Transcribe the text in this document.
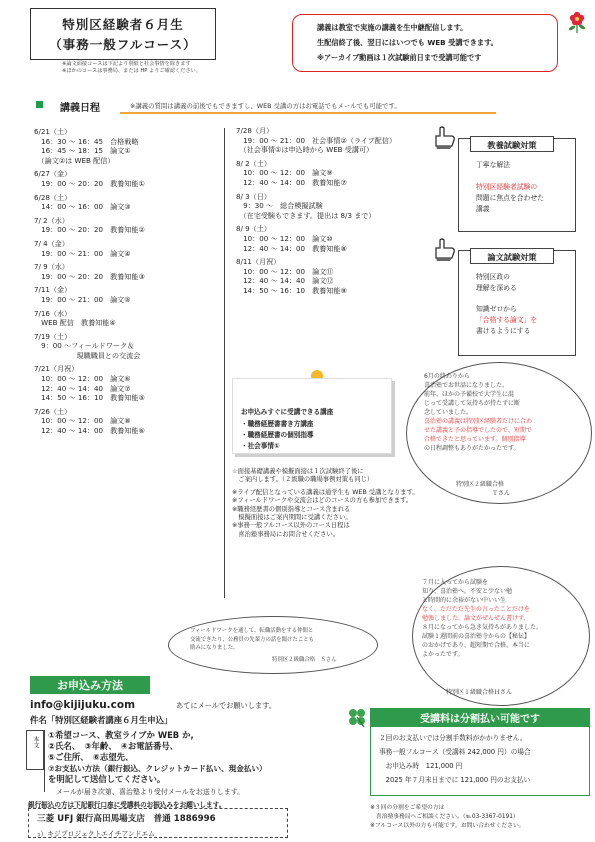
特別区経験者６月生
（事務一般フルコース）
※論文面接コースは下記より別紙と社会事情を除きます
※ほかのコースは事務局、または HP よりご確認ください。
講義は教室で実施の講義を生中継配信します。
生配信終了後、翌日にはいつでも WEB 受講できます。
※アーカイブ動画は１次試験前日まで受講可能です
講義日程	※講義の質問は講義の前後でもできますし、WEB 受講の方はお電話でもメールでも可能です。
6/21（土）
　16：30 ～ 16：45　合格戦略
　16：45 ～ 18：15　論文①
　（論文②は WEB 配信）

6/27（金）
　19：00 ～ 20：20　教養知能①

6/28（土）
　14：00 ～ 16：00　論文③

7/ 2（水）
　19：00 ～ 20：20　教養知能②

7/ 4（金）
　19：00 ～ 21：00　論文④

7/ 9（水）
　19：00 ～ 20：20　教養知能③

7/11（金）
　19：00 ～ 21：00　論文⑤

7/16（水）
　WEB 配信　教養知能④

7/19（土）
　9：00 ～フィールドワーク＆
　　　　　　現職職員との交流会

7/21（月祝）
　10：00 ～ 12：00　論文⑥
　12：40 ～ 14：40　論文⑦
　14：50 ～ 16：10　教養知能⑤

7/26（土）
　10：00 ～ 12：00　論文⑧
　12：40 ～ 14：00　教養知能⑥
7/28（月）
　19：00 ～ 21：00　社会事情②（ライブ配信）
　（社会事情①は申込時から WEB 受講可）

8/ 2（土）
　10：00 ～ 12：00　論文⑨
　12：40 ～ 14：00　教養知能⑦

8/ 3（日）
　9：30 ～　総合模擬試験
　（在宅受験もできます。提出は 8/3 まで）

8/ 9（土）
　10：00 ～ 12：00　論文⑩
　12：40 ～ 14：00　教養知能⑧

8/11（月祝）
　10：00 ～ 12：00　論文⑪
　12：40 ～ 14：40　論文⑫
　14：50 ～ 16：10　教養知能⑨
教養試験対策
丁寧な解法
特別区経験者試験の
問題に焦点を合わせた
講義
論文試験対策
特別区政の
理解を深める
知識ゼロから
「合格する論文」を
書けるようにする
お申込みすぐに受講できる講座
・職務経歴書書き方講座
・職務経歴書の個別指導
・社会事情①
☆面接基礎講義や模擬面接は１次試験終了後に
　ご案内します。（２級職の職場事例対策も同じ）

※ライブ配信となっている講義は通学生も WEB 受講となります。
※フィールドワークや交流会はどのコースの方も参加できます。
※職務経歴書の個別指導とコース含まれる
　模擬面接はご案内期間に受講ください。
※事務一般フルコース以外のコース日程は
　喜治塾事務局にお問合せください。
6月の終わりから
喜治塾でお世話になりました。
前年、ほかの予備校で大学生に混
じって受講して気持ちが持たずに断
念していました。
喜治塾の講義は特別区経験者だけに合わ
せた講義と予の指導でしたので、短期で
合格できたと思っています。個別指導
の日程調整もありがたかったです。
特別区２級職合格
Ｔさん
７月に入ってから試験を
知り、喜治塾へ。不安と少ない勉
と時間的に余裕がない中いい生
なく、ただただ先生の言ったことだけを
勉強しました。論文がぜんぜん書けず、
８月になってから急き気持ちがありました。
試験１週間前の喜治塾寺からの【秘伝】
のおかげであり、超短期で合格。本当に
よかったです。
特別区１級職合格Ｈさん
フィールドワークを通して、転職活動をする仲間と
交流できたり、公務員の先輩方の話を聞けたことも
励みになりました。
特別区２級職合格　Ｓさん
お申込み方法
info@kijijuku.com	あてにメールでお願いします。
件名「特別区経験者講座６月生申込」
本文
①希望コース、教室ライブか WEB か,
②氏名、　③年齢、　④お電話番号、
⑤ご住所、　⑥志望先、
⑦お支払い方法（銀行振込、クレジットカード払い、現金払い）
を明記して送信してください。
メールが届き次第、喜治塾より受付メールをお送りします。
銀行振込の方は下記銀行口座に受講料のお振込みをお願いします。
三菱 UFJ 銀行高田馬場支店　普通 1886996
ｭ）キジプロジェクトエイチアンドエム
受講料は分割払い可能です
２回のお支払いでは分割手数料がかかりません。
事務一般フルコース（受講料 242,000 円）の場合
　お申込み時　121,000 円
　2025 年７月末日までに 121,000 円のお支払い
※３回の分割をご希望の方は
　喜治塾事務局へご相談ください。（℡03-3367-0191）
※フルコース以外の方も可能です。お問い合わせください。
